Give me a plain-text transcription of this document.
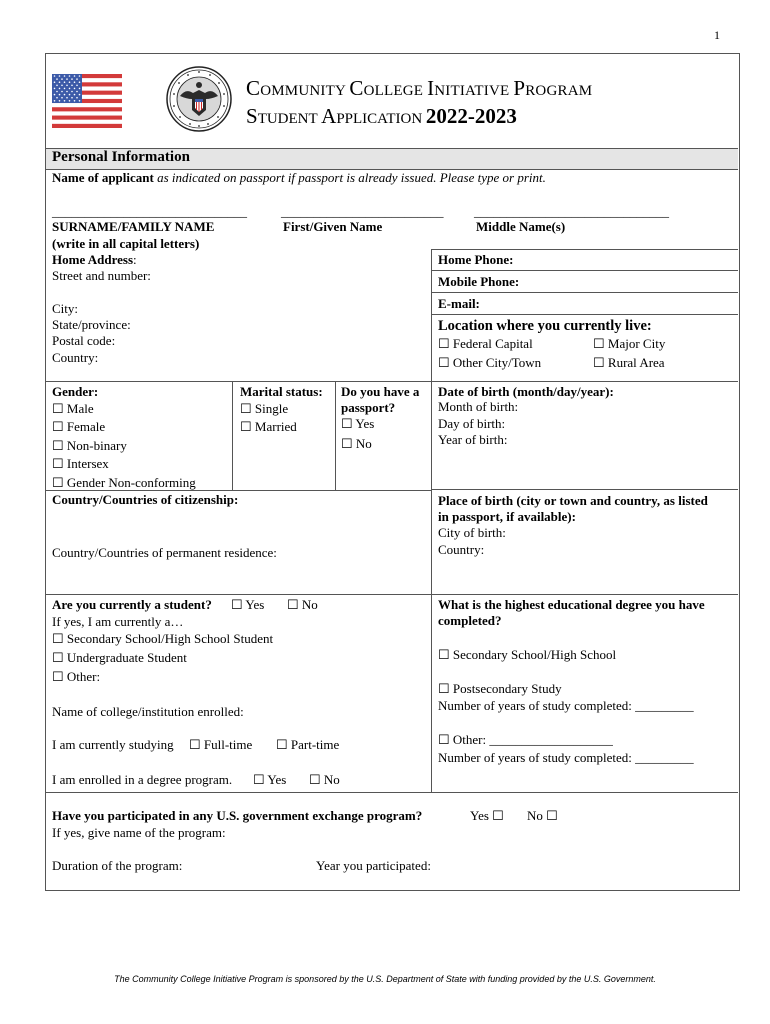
1
COMMUNITY COLLEGE INITIATIVE PROGRAM
STUDENT APPLICATION 2022-2023
Personal Information
Name of applicant as indicated on passport if passport is already issued. Please type or print.
______________________________	_________________________ ______________________________
SURNAME/FAMILY NAME	First/Given Name	Middle Name(s)
(write in all capital letters)
Home Address:
Street and number:
City:
State/province:
Postal code:
Country:
Home Phone:
Mobile Phone:
E-mail:
Location where you currently live:
☐ Federal Capital	☐ Major City
☐ Other City/Town	☐ Rural Area
Gender:
☐ Male
☐ Female
☐ Non-binary
☐ Intersex
☐ Gender Non-conforming
Marital status:
☐ Single
☐ Married
Do you have a
passport?
☐ Yes
☐ No
Date of birth (month/day/year):
Month of birth:
Day of birth:
Year of birth:
Country/Countries of citizenship:
Country/Countries of permanent residence:
Place of birth (city or town and country, as listed
in passport, if available):
City of birth:
Country:
Are you currently a student? ☐ Yes ☐ No
If yes, I am currently a…
☐ Secondary School/High School Student
☐ Undergraduate Student
☐ Other:
Name of college/institution enrolled:
I am currently studying ☐ Full-time ☐ Part-time
I am enrolled in a degree program. ☐ Yes ☐ No
What is the highest educational degree you have
completed?
☐ Secondary School/High School
☐ Postsecondary Study
Number of years of study completed: _________
☐ Other: ___________________
Number of years of study completed: _________
Have you participated in any U.S. government exchange program?	Yes ☐ No ☐
If yes, give name of the program:
Duration of the program:	Year you participated:
The Community College Initiative Program is sponsored by the U.S. Department of State with funding provided by the U.S. Government.
